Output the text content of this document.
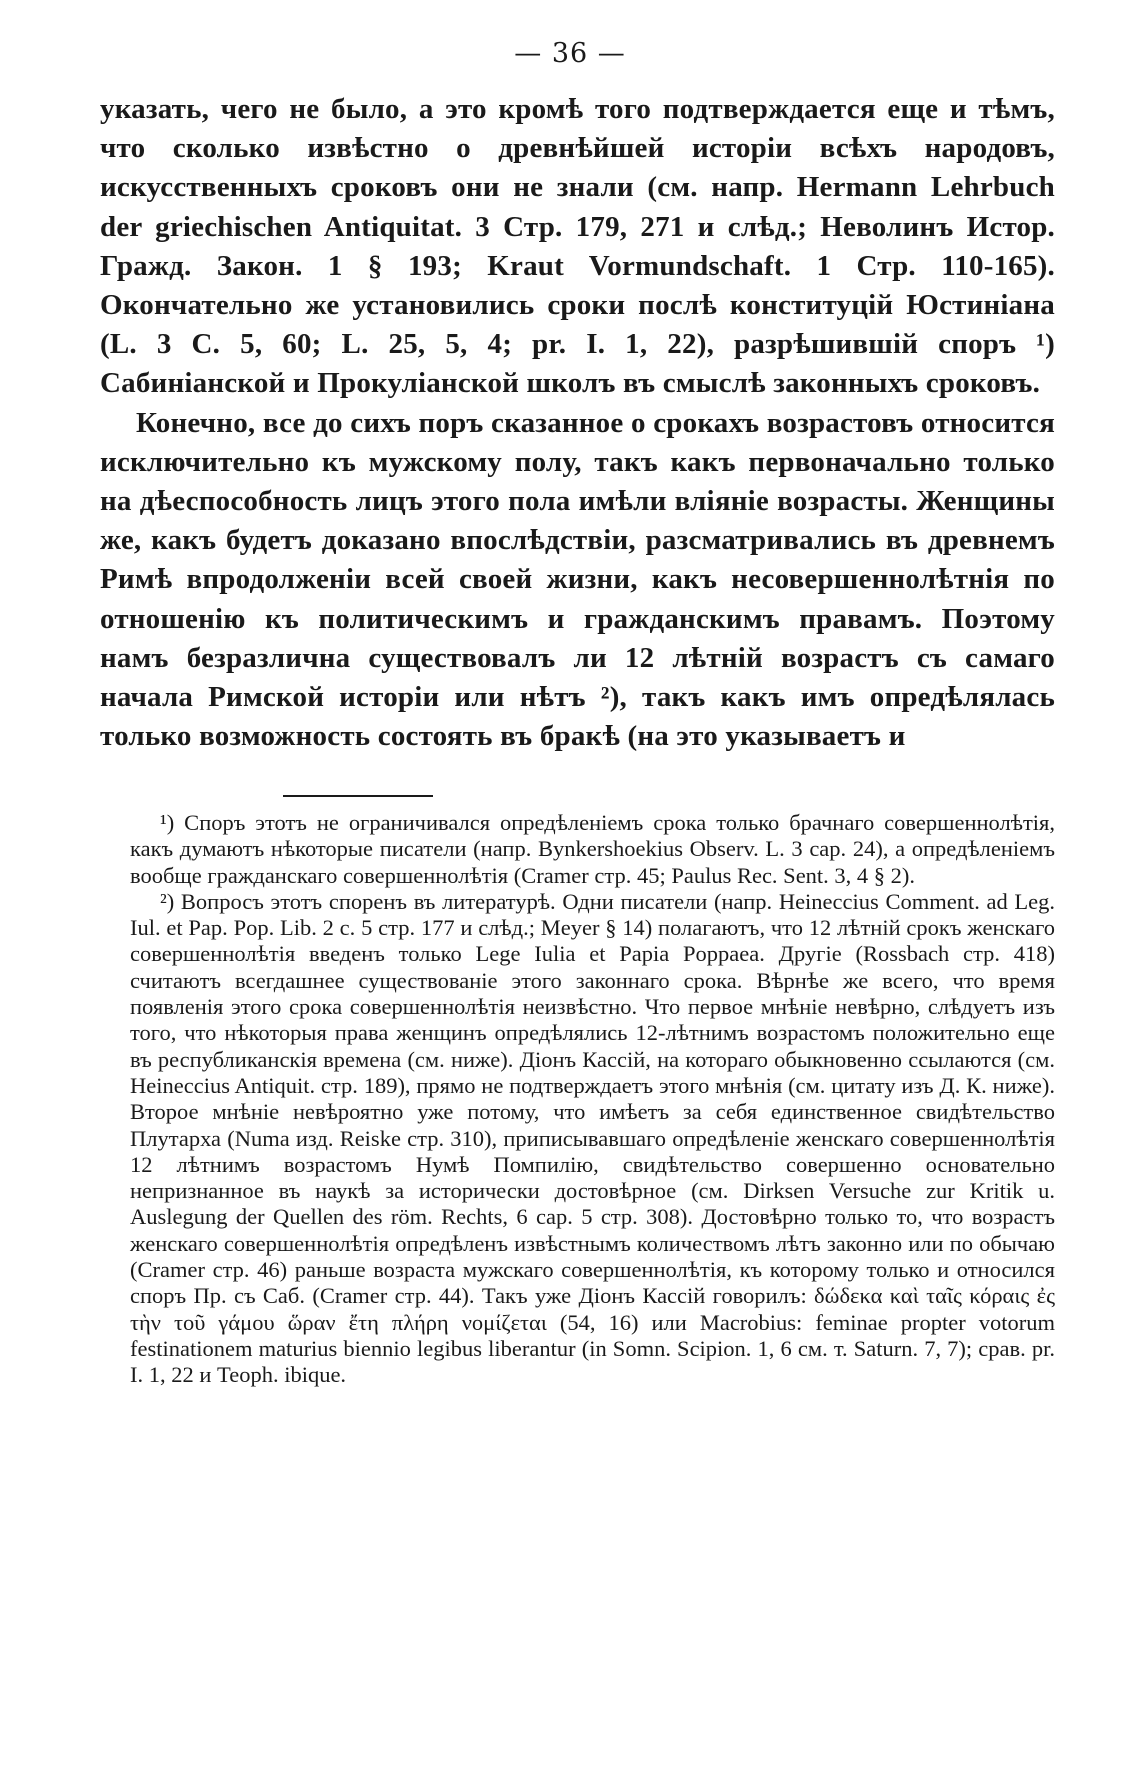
— 36 —

указать, чего не было, а это кромѣ того подтверждается еще и тѣмъ, что сколько извѣстно о древнѣйшей исторiи всѣхъ народовъ, искусственныхъ сроковъ они не знали (см. напр. Hermann Lehrbuch der griechischen Antiquitat. 3 Стр. 179, 271 и слѣд.; Неволинъ Истор. Гражд. Закон. 1 § 193; Kraut Vormundschaft. 1 Стр. 110-165). Окончательно же установились сроки послѣ конституцiй Юстинiана (L. 3 C. 5, 60; L. 25, 5, 4; pr. I. 1, 22), разрѣшившiй споръ ¹) Сабинiанской и Прокулiанской школъ въ смыслѣ законныхъ сроковъ.

Конечно, все до сихъ поръ сказанное о срокахъ возрастовъ относится исключительно къ мужскому полу, такъ какъ первоначально только на дѣеспособность лицъ этого пола имѣли влiянiе возрасты. Женщины же, какъ будетъ доказано впослѣдствiи, разсматривались въ древнемъ Римѣ впродолженiи всей своей жизни, какъ несовершеннолѣтнiя по отношенiю къ политическимъ и гражданскимъ правамъ. Поэтому намъ безразлична существовалъ ли 12 лѣтнiй возрастъ съ самаго начала Римской исторiи или нѣтъ ²), такъ какъ имъ опредѣлялась только возможность состоять въ бракѣ (на это указываетъ и

¹) Споръ этотъ не ограничивался опредѣленiемъ срока только брачнаго совершеннолѣтiя, какъ думаютъ нѣкоторые писатели (напр. Bynkershoekius Observ. L. 3 cap. 24), а опредѣленiемъ вообще гражданскаго совершеннолѣтiя (Cramer стр. 45; Paulus Rec. Sent. 3, 4 § 2).

²) Вопросъ этотъ споренъ въ литературѣ. Одни писатели (напр. Heineccius Comment. ad Leg. Iul. et Pap. Pop. Lib. 2 с. 5 стр. 177 и слѣд.; Meyer § 14) полагаютъ, что 12 лѣтнiй срокъ женскаго совершеннолѣтiя введенъ только Lege Iulia et Papia Poppaea. Другiе (Rossbach стр. 418) считаютъ всегдашнее существованiе этого законнаго срока. Вѣрнѣе же всего, что время появленiя этого срока совершеннолѣтiя неизвѣстно. Что первое мнѣнiе невѣрно, слѣдуетъ изъ того, что нѣкоторыя права женщинъ опредѣлялись 12-лѣтнимъ возрастомъ положительно еще въ республиканскiя времена (см. ниже). Дiонъ Кассiй, на котораго обыкновенно ссылаются (см. Heineccius Antiquit. стр. 189), прямо не подтверждаетъ этого мнѣнiя (см. цитату изъ Д. К. ниже). Второе мнѣнiе невѣроятно уже потому, что имѣетъ за себя единственное свидѣтельство Плутарха (Numa изд. Reiske стр. 310), приписывавшаго опредѣленiе женскаго совершеннолѣтiя 12 лѣтнимъ возрастомъ Нумѣ Помпилiю, свидѣтельство совершенно основательно непризнанное въ наукѣ за исторически достовѣрное (см. Dirksen Versuche zur Kritik u. Auslegung der Quellen des röm. Rechts, 6 cap. 5 стр. 308). Достовѣрно только то, что возрастъ женскаго совершеннолѣтiя опредѣленъ извѣстнымъ количествомъ лѣтъ законно или по обычаю (Cramer стр. 46) раньше возраста мужскаго совершеннолѣтiя, къ которому только и относился споръ Пр. съ Саб. (Cramer стр. 44). Такъ уже Дiонъ Кассiй говорилъ: δώδεκα καὶ ταῖς κόραις ἐς τὴν τοῦ γάμου ὥραν ἔτη πλήρη νομίζεται (54, 16) или Macrobius: feminae propter votorum festinationem maturius biennio legibus liberantur (in Somn. Scipion. 1, 6 см. т. Saturn. 7, 7); срав. pr. I. 1, 22 и Teoph. ibique.
